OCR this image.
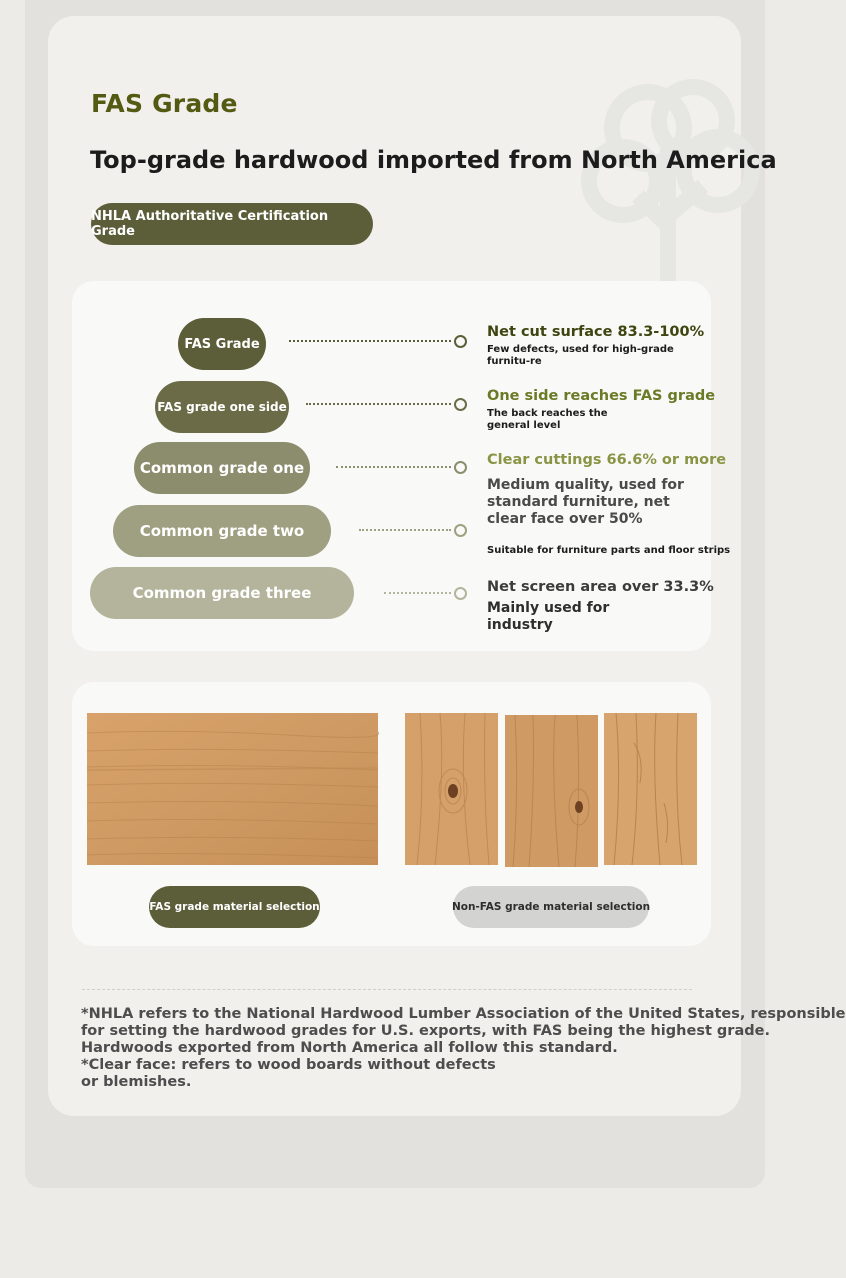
FAS Grade
Top-grade hardwood imported from North America
NHLA Authoritative Certification Grade
FAS Grade
FAS grade one side
Common grade one
Common grade two
Common grade three
Net cut surface 83.3-100%
Few defects, used for high-grade furnitu-re
One side reaches FAS grade
The back reaches the general level
Clear cuttings 66.6% or more
Medium quality, used for standard furniture, net clear face over 50%
Suitable for furniture parts and floor strips
Net screen area over 33.3%
Mainly used for industry
FAS grade material selection	Non-FAS grade material selection
*NHLA refers to the National Hardwood Lumber Association of the United States, responsible
for setting the hardwood grades for U.S. exports, with FAS being the highest grade.
Hardwoods exported from North America all follow this standard.
*Clear face: refers to wood boards without defects
or blemishes.
